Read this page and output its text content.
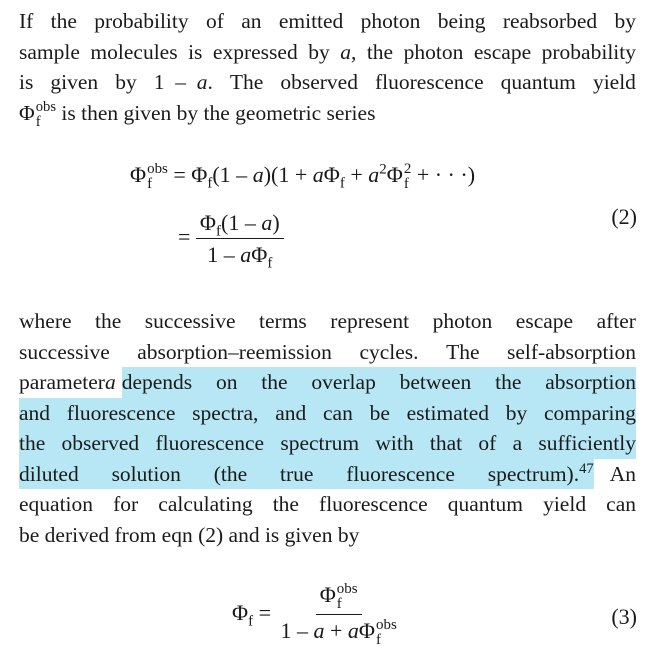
If the probability of an emitted photon being reabsorbed by
sample molecules is expressed by a, the photon escape probability
is given by 1  –  a. The observed fluorescence quantum yield
Φ obs
f is then given by the geometric series
Φ obs
$f = \Phi_f(1 - a)(1 + a\Phi_f + a^2\Phi$ 2
f + · · ·)
= $\frac{\Phi_f(1 - a)}{1 - a\Phi_f}$	(2)
where the successive terms represent photon escape after
successive absorption–reemission cycles. The self-absorption
parameter a depends on the overlap between the absorption
and fluorescence spectra, and can be estimated by comparing
the observed fluorescence spectrum with that of a sufficiently
diluted solution (the true fluorescence spectrum).$^{47}$ An
equation for calculating the fluorescence quantum yield can
be derived from eqn (2) and is given by
$\Phi_f = \Phi$ obs
f
1 – a + aΦ obs
f	(3)
